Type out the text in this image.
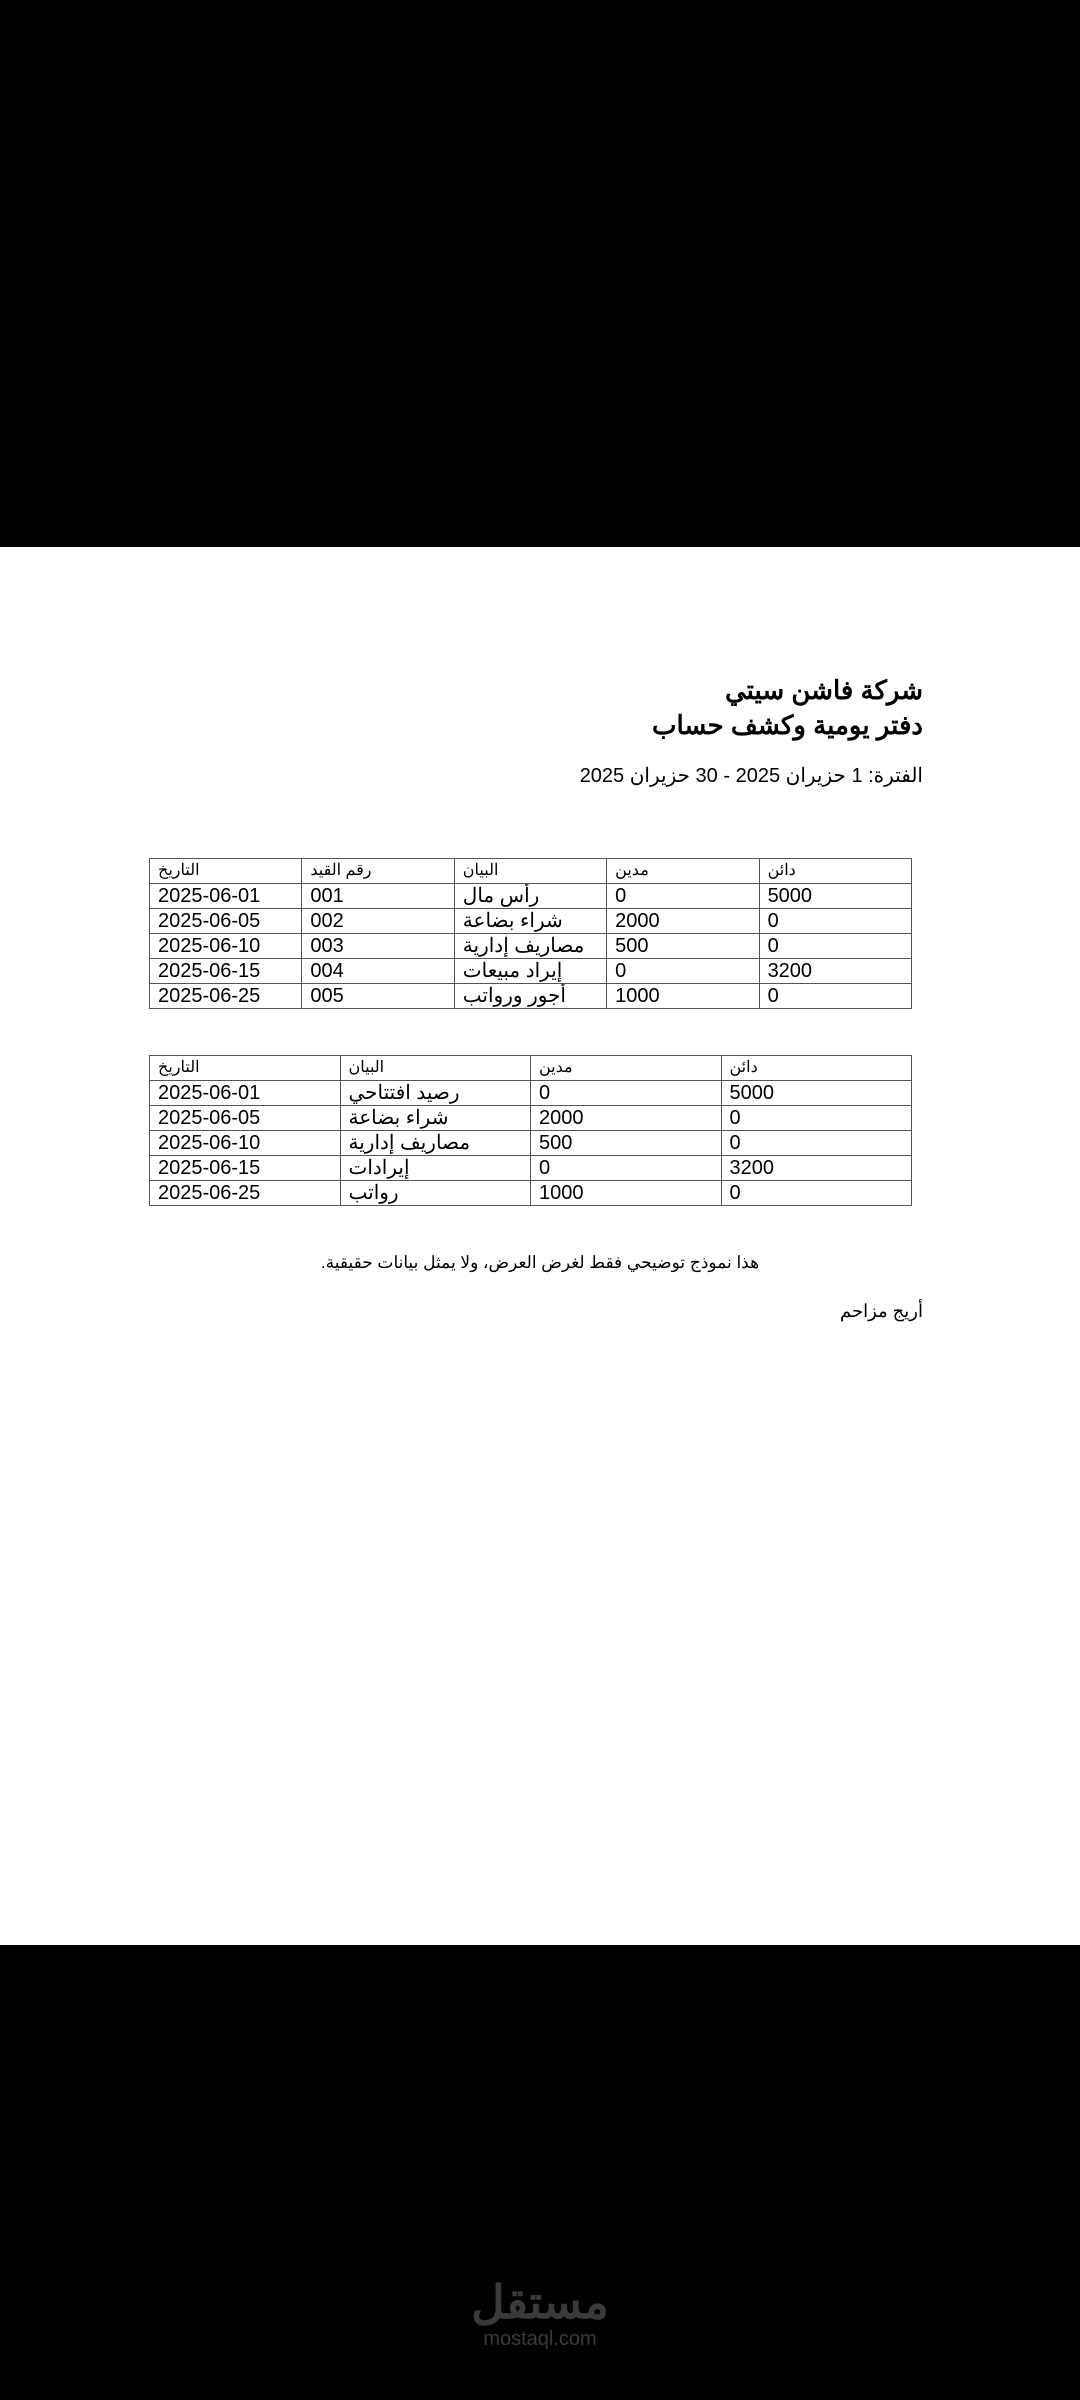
شركة فاشن سيتي
دفتر يومية وكشف حساب
الفترة: 1 حزيران 2025 - 30 حزيران 2025
التاريخ	رقم القيد	البيان	مدين	دائن
2025-06-01	001	رأس مال	0	5000
2025-06-05	002	شراء بضاعة	2000	0
2025-06-10	003	مصاريف إدارية	500	0
2025-06-15	004	إيراد مبيعات	0	3200
2025-06-25	005	أجور ورواتب	1000	0
التاريخ	البيان	مدين	دائن
2025-06-01	رصيد افتتاحي	0	5000
2025-06-05	شراء بضاعة	2000	0
2025-06-10	مصاريف إدارية	500	0
2025-06-15	إيرادات	0	3200
2025-06-25	رواتب	1000	0
هذا نموذج توضيحي فقط لغرض العرض، ولا يمثل بيانات حقيقية.
أريج مزاحم
مستقل
mostaql.com
